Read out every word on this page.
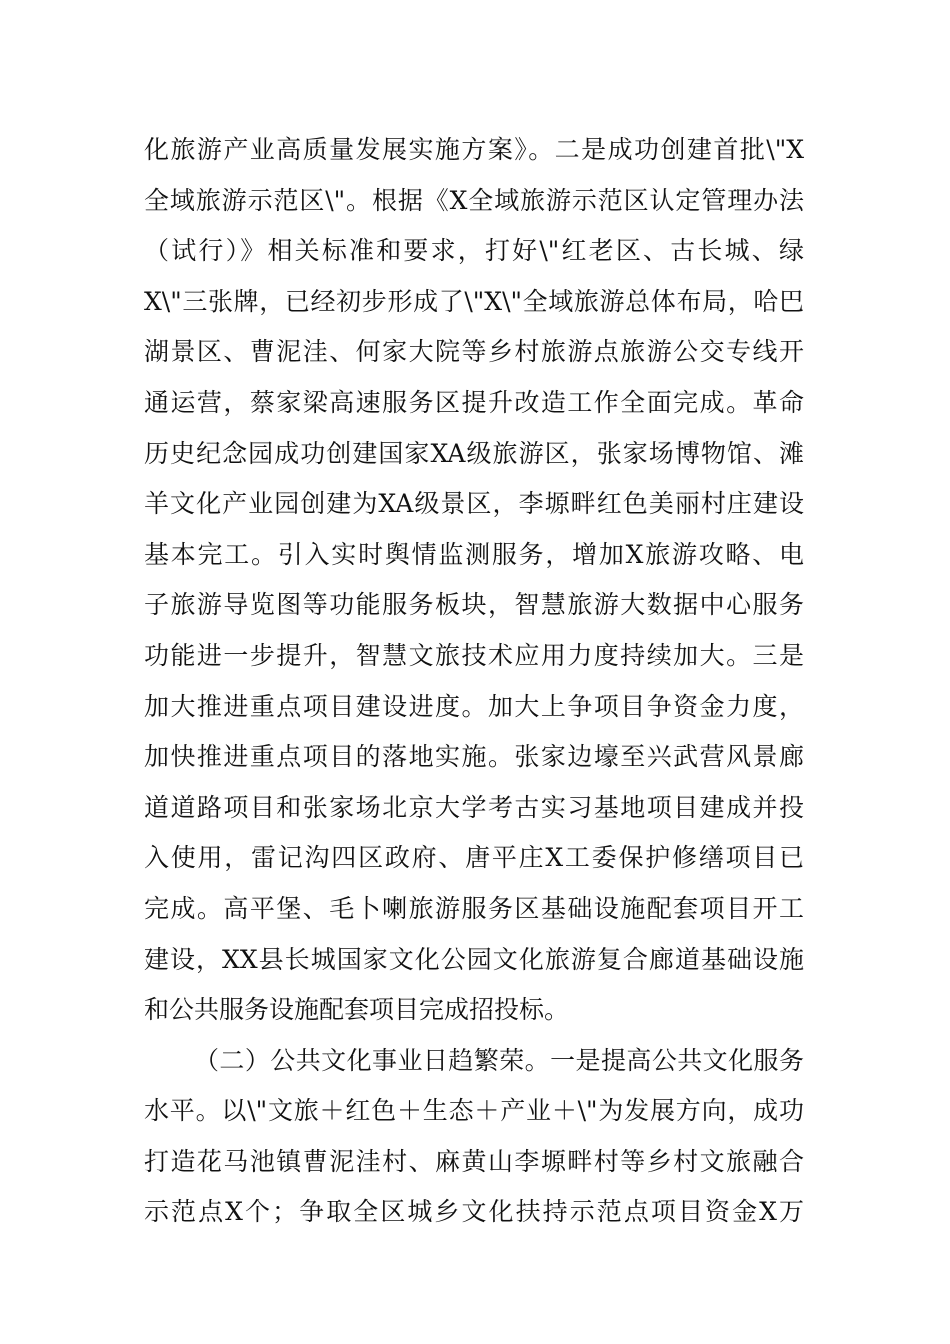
化旅游产业高质量发展实施方案》。二是成功创建首批\"X
全域旅游示范区\"。根据《X全域旅游示范区认定管理办法
（试行）》相关标准和要求，打好\"红老区、古长城、绿
X\"三张牌，已经初步形成了\"X\"全域旅游总体布局，哈巴
湖景区、曹泥洼、何家大院等乡村旅游点旅游公交专线开
通运营，蔡家梁高速服务区提升改造工作全面完成。革命
历史纪念园成功创建国家XA级旅游区，张家场博物馆、滩
羊文化产业园创建为XA级景区，李塬畔红色美丽村庄建设
基本完工。引入实时舆情监测服务，增加X旅游攻略、电
子旅游导览图等功能服务板块，智慧旅游大数据中心服务
功能进一步提升，智慧文旅技术应用力度持续加大。三是
加大推进重点项目建设进度。加大上争项目争资金力度，
加快推进重点项目的落地实施。张家边壕至兴武营风景廊
道道路项目和张家场北京大学考古实习基地项目建成并投
入使用，雷记沟四区政府、唐平庄X工委保护修缮项目已
完成。高平堡、毛卜喇旅游服务区基础设施配套项目开工
建设，XX县长城国家文化公园文化旅游复合廊道基础设施
和公共服务设施配套项目完成招投标。
（二）公共文化事业日趋繁荣。一是提高公共文化服务
水平。以\"文旅＋红色＋生态＋产业＋\"为发展方向，成功
打造花马池镇曹泥洼村、麻黄山李塬畔村等乡村文旅融合
示范点X个；争取全区城乡文化扶持示范点项目资金X万
